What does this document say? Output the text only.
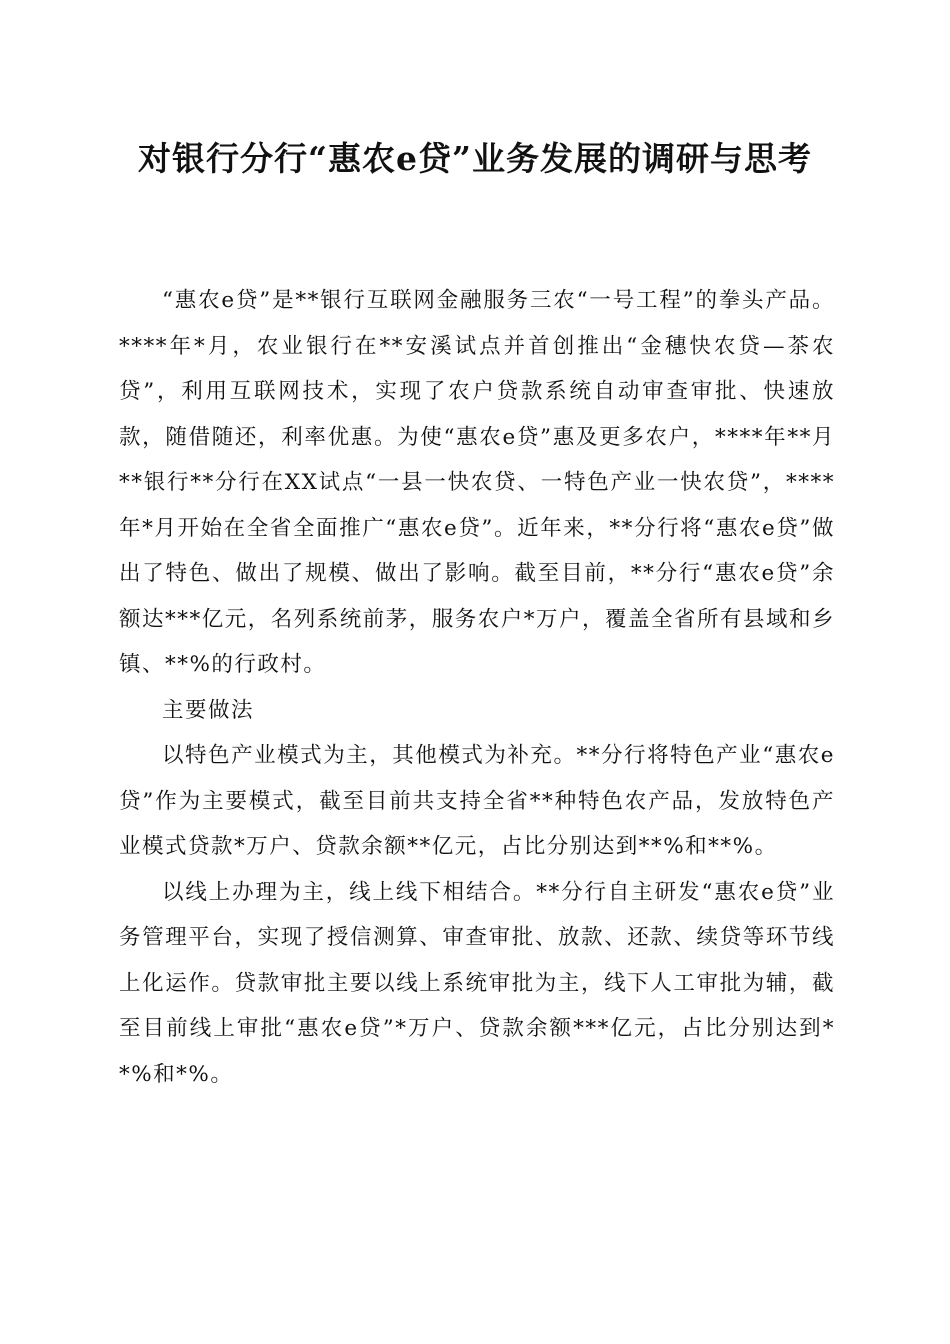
对银行分行“惠农e贷”业务发展的调研与思考

“惠农e贷”是**银行互联网金融服务三农“一号工程”的拳头产品。****年*月，农业银行在**安溪试点并首创推出“金穗快农贷—茶农贷”，利用互联网技术，实现了农户贷款系统自动审查审批、快速放款，随借随还，利率优惠。为使“惠农e贷”惠及更多农户，****年**月**银行**分行在XX试点“一县一快农贷、一特色产业一快农贷”，****年*月开始在全省全面推广“惠农e贷”。近年来，**分行将“惠农e贷”做出了特色、做出了规模、做出了影响。截至目前，**分行“惠农e贷”余额达***亿元，名列系统前茅，服务农户*万户，覆盖全省所有县域和乡镇、**%的行政村。

主要做法

以特色产业模式为主，其他模式为补充。**分行将特色产业“惠农e贷”作为主要模式，截至目前共支持全省**种特色农产品，发放特色产业模式贷款*万户、贷款余额**亿元，占比分别达到**%和**%。

以线上办理为主，线上线下相结合。**分行自主研发“惠农e贷”业务管理平台，实现了授信测算、审查审批、放款、还款、续贷等环节线上化运作。贷款审批主要以线上系统审批为主，线下人工审批为辅，截至目前线上审批“惠农e贷”*万户、贷款余额***亿元，占比分别达到**%和*%。
